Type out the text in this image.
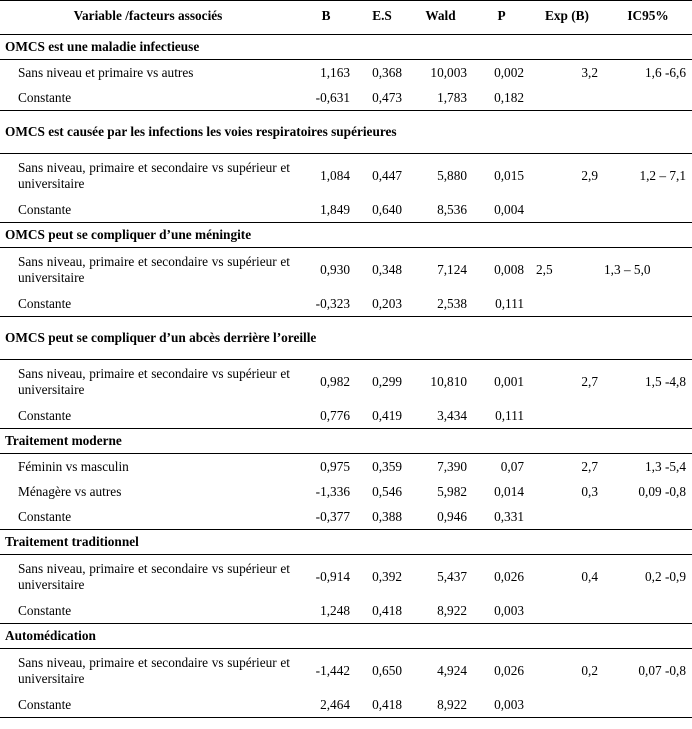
Variable /facteurs associés	B	E.S	Wald	P	Exp (B)	IC95%
OMCS est une maladie infectieuse						
Sans niveau et primaire vs autres	1,163	0,368	10,003	0,002	3,2	1,6 -6,6
Constante	-0,631	0,473	1,783	0,182		
OMCS est causée par les infections les voies respiratoires supérieures						
Sans niveau, primaire et secondaire vs supérieur et universitaire	1,084	0,447	5,880	0,015	2,9	1,2 – 7,1
Constante	1,849	0,640	8,536	0,004		
OMCS peut se compliquer d’une méningite						
Sans niveau, primaire et secondaire vs supérieur et universitaire	0,930	0,348	7,124	0,008	2,5	1,3 – 5,0
Constante	-0,323	0,203	2,538	0,111		
OMCS peut se compliquer d’un abcès derrière l’oreille						
Sans niveau, primaire et secondaire vs supérieur et universitaire	0,982	0,299	10,810	0,001	2,7	1,5 -4,8
Constante	0,776	0,419	3,434	0,111		
Traitement moderne						
Féminin vs masculin	0,975	0,359	7,390	0,07	2,7	1,3 -5,4
Ménagère vs autres	-1,336	0,546	5,982	0,014	0,3	0,09 -0,8
Constante	-0,377	0,388	0,946	0,331		
Traitement traditionnel						
Sans niveau, primaire et secondaire vs supérieur et universitaire	-0,914	0,392	5,437	0,026	0,4	0,2 -0,9
Constante	1,248	0,418	8,922	0,003		
Automédication						
Sans niveau, primaire et secondaire vs supérieur et universitaire	-1,442	0,650	4,924	0,026	0,2	0,07 -0,8
Constante	2,464	0,418	8,922	0,003		
